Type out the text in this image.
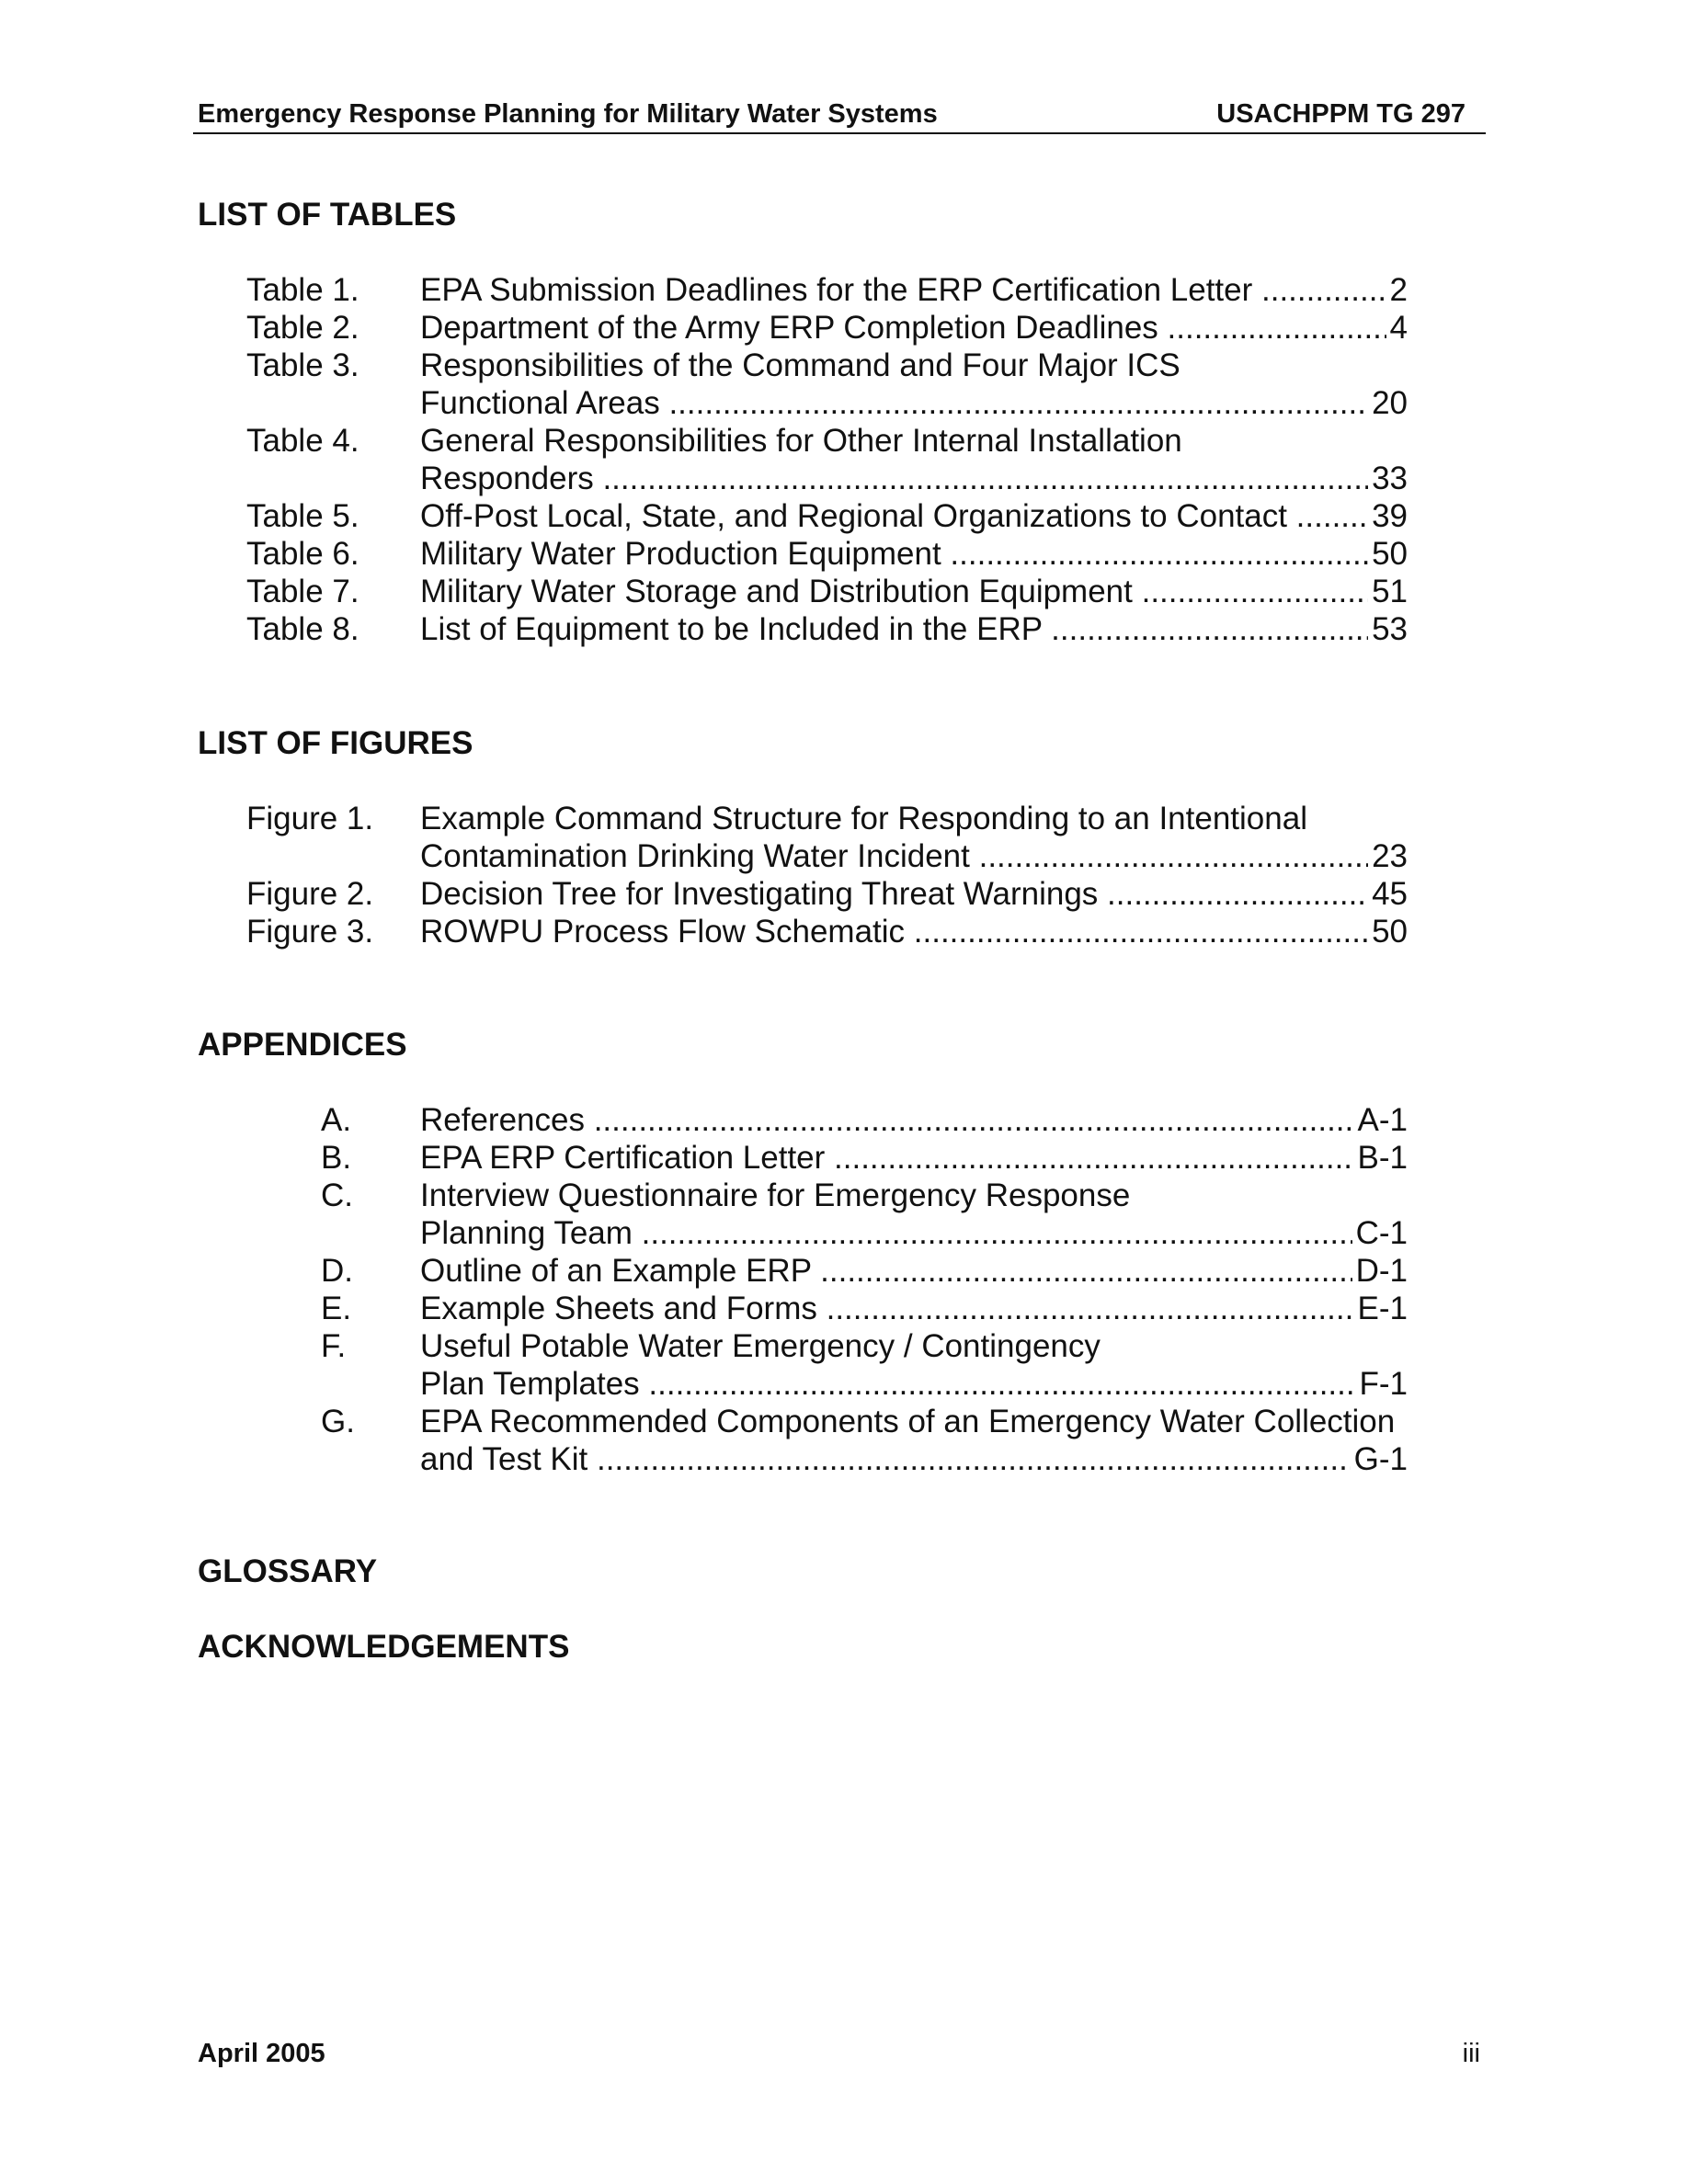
Emergency Response Planning for Military Water Systems	USACHPPM TG 297
LIST OF TABLES
Table 1. EPA Submission Deadlines for the ERP Certification Letter .....	2
Table 2. Department of the Army ERP Completion Deadlines .....	4
Table 3. Responsibilities of the Command and Four Major ICS
Functional Areas .....	20
Table 4. General Responsibilities for Other Internal Installation
Responders .....	33
Table 5. Off-Post Local, State, and Regional Organizations to Contact .....	39
Table 6. Military Water Production Equipment .....	50
Table 7. Military Water Storage and Distribution Equipment .....	51
Table 8. List of Equipment to be Included in the ERP .....	53
LIST OF FIGURES
Figure 1. Example Command Structure for Responding to an Intentional
Contamination Drinking Water Incident .....	23
Figure 2. Decision Tree for Investigating Threat Warnings .....	45
Figure 3. ROWPU Process Flow Schematic .....	50
APPENDICES
A. References .....	A-1
B. EPA ERP Certification Letter .....	B-1
C. Interview Questionnaire for Emergency Response
Planning Team .....	C-1
D. Outline of an Example ERP .....	D-1
E. Example Sheets and Forms .....	E-1
F. Useful Potable Water Emergency / Contingency
Plan Templates .....	F-1
G. EPA Recommended Components of an Emergency Water Collection
and Test Kit .....	G-1
GLOSSARY
ACKNOWLEDGEMENTS
April 2005	iii
